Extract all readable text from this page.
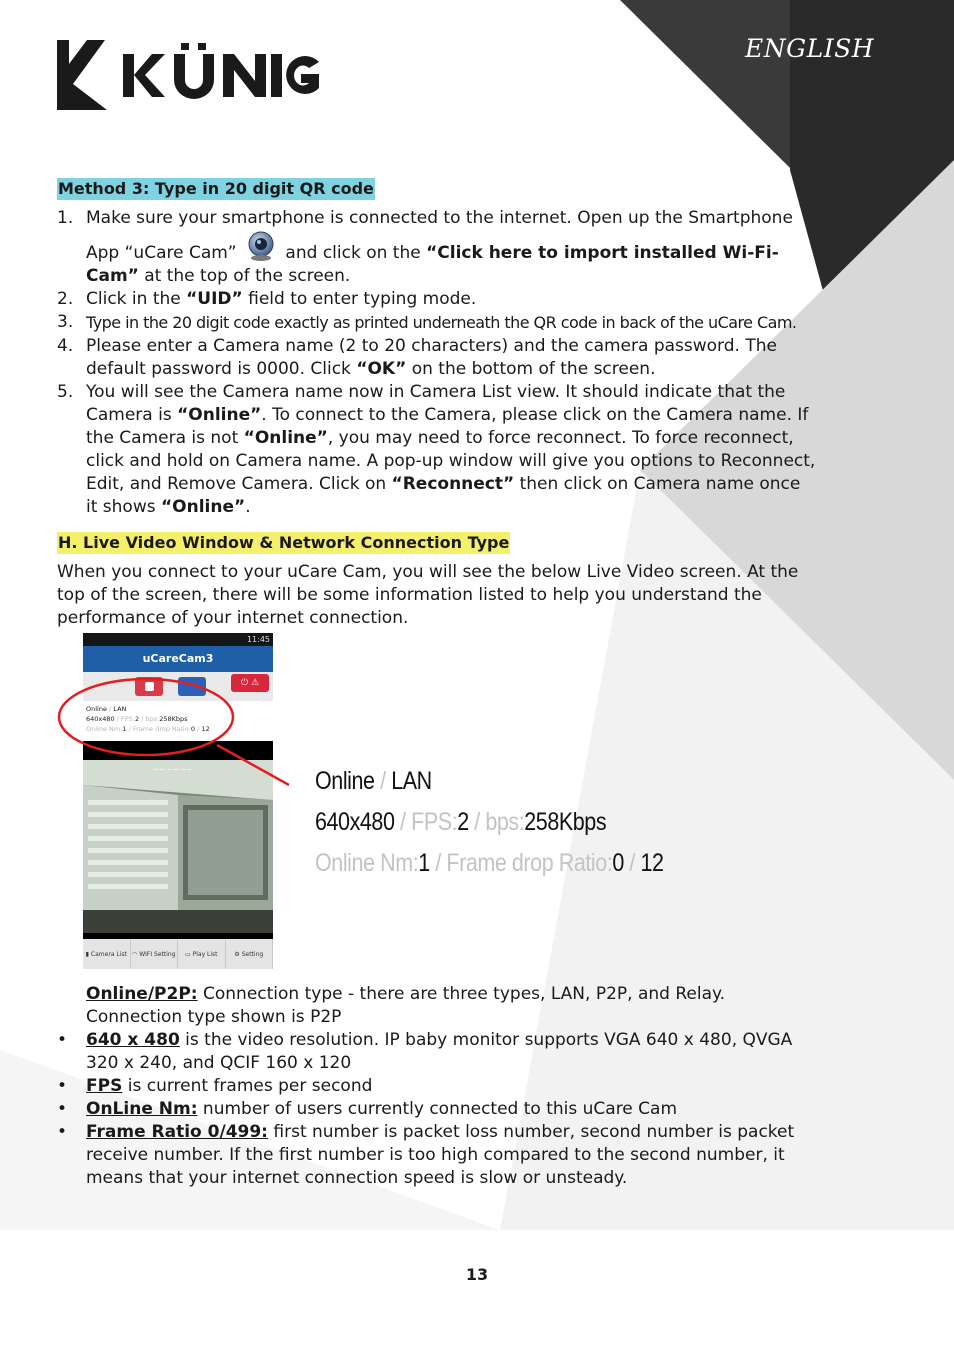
ENGLISH
Method 3: Type in 20 digit QR code
1. Make sure your smartphone is connected to the internet. Open up the Smartphone App “uCare Cam”  and click on the “Click here to import installed Wi-Fi-Cam” at the top of the screen.
2. Click in the “UID” field to enter typing mode.
3. Type in the 20 digit code exactly as printed underneath the QR code in back of the uCare Cam.
4. Please enter a Camera name (2 to 20 characters) and the camera password. The default password is 0000. Click “OK” on the bottom of the screen.
5. You will see the Camera name now in Camera List view. It should indicate that the Camera is “Online”. To connect to the Camera, please click on the Camera name. If the Camera is not “Online”, you may need to force reconnect. To force reconnect, click and hold on Camera name. A pop-up window will give you options to Reconnect, Edit, and Remove Camera. Click on “Reconnect” then click on Camera name once it shows “Online”.
H. Live Video Window & Network Connection Type
When you connect to your uCare Cam, you will see the below Live Video screen. At the top of the screen, there will be some information listed to help you understand the performance of your internet connection.
11:45
uCareCam3
⏻ ⚠
Online / LAN
640x480 / FPS:2 / bps:258Kbps
Online Nm:1 / Frame drop Ratio:0 / 12
~~ ~~ ~~
▮ Camera List ◠ WIFI Setting ▭ Play List	⚙ Setting
Online / LAN
640x480 / FPS:2 / bps:258Kbps
Online Nm:1 / Frame drop Ratio:0 / 12
Online/P2P: Connection type - there are three types, LAN, P2P, and Relay. Connection type shown is P2P
• 640 x 480 is the video resolution. IP baby monitor supports VGA 640 x 480, QVGA 320 x 240, and QCIF 160 x 120
• FPS is current frames per second
• OnLine Nm: number of users currently connected to this uCare Cam
• Frame Ratio 0/499: first number is packet loss number, second number is packet receive number. If the first number is too high compared to the second number, it means that your internet connection speed is slow or unsteady.
13
